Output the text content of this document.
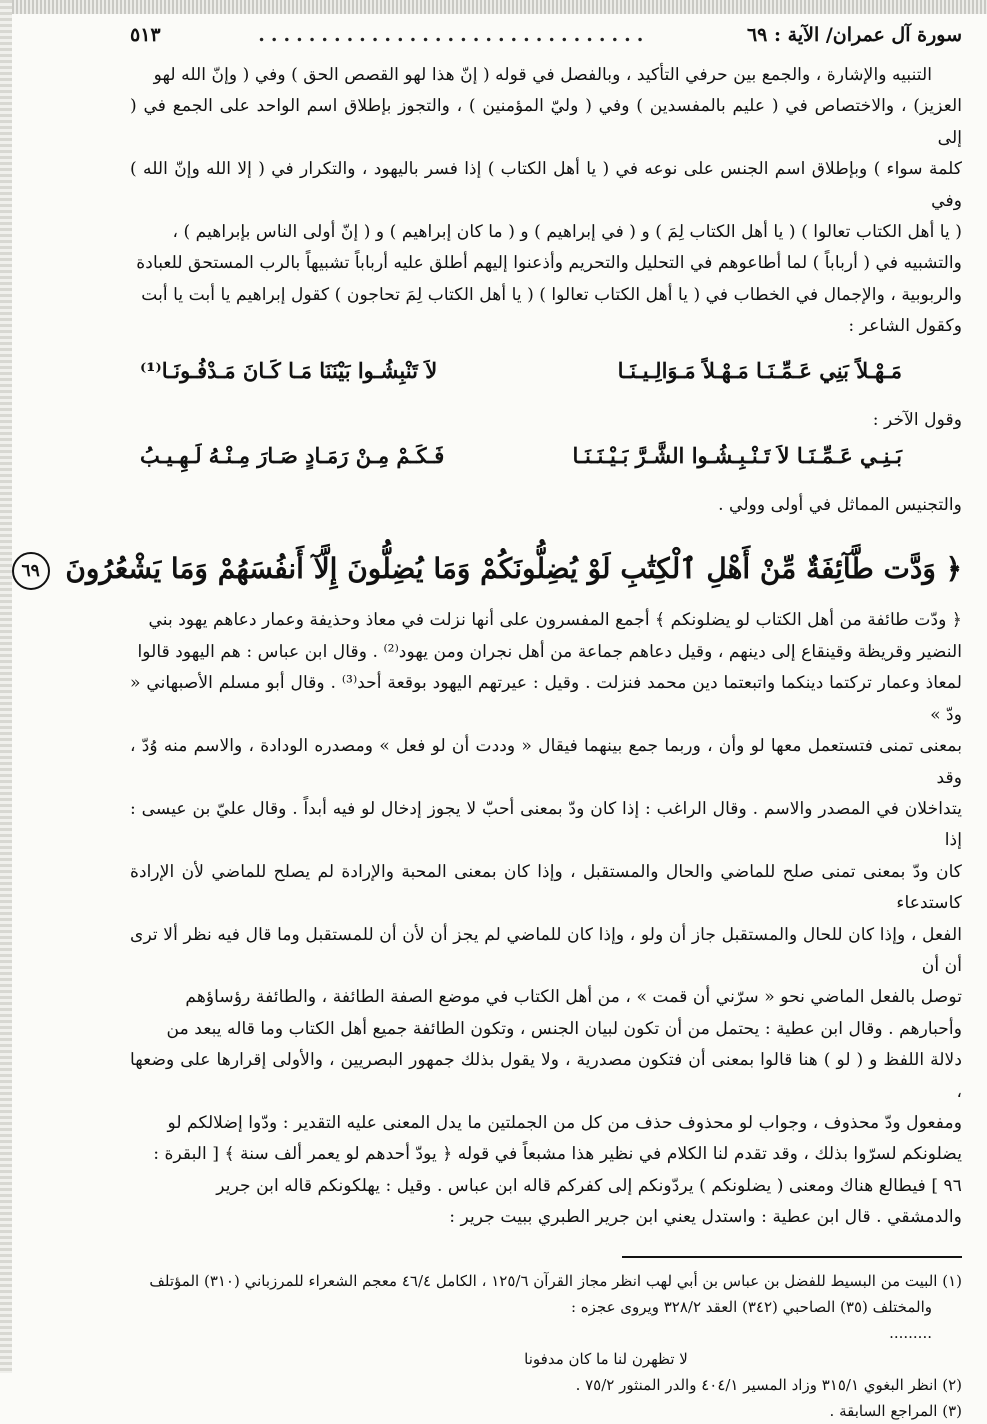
سورة آل عمران/ الآية : ٦٩
...............................
٥١٣

التنبيه والإشارة ، والجمع بين حرفي التأكيد ، وبالفصل في قوله ( إنّ هذا لهو القصص الحق ) وفي ( وإنّ الله لهو

العزيز) ، والاختصاص في ( عليم بالمفسدين ) وفي ( وليّ المؤمنين ) ، والتجوز بإطلاق اسم الواحد على الجمع في ( إلى

كلمة سواء ) وبإطلاق اسم الجنس على نوعه في ( يا أهل الكتاب ) إذا فسر باليهود ، والتكرار في ( إلا الله وإنّ الله ) وفي

( يا أهل الكتاب تعالوا ) ( يا أهل الكتاب لِمَ ) و ( في إبراهيم ) و ( ما كان إبراهيم ) و ( إنّ أولى الناس بإبراهيم ) ،

والتشبيه في ( أرباباً ) لما أطاعوهم في التحليل والتحريم وأذعنوا إليهم أطلق عليه أرباباً تشبيهاً بالرب المستحق للعبادة

والربوبية ، والإجمال في الخطاب في ( يا أهل الكتاب تعالوا ) ( يا أهل الكتاب لِمَ تحاجون ) كقول إبراهيم يا أبت يا أبت

وكقول الشاعر :

مَـهْـلاً بَنِي عَـمِّـنَـا مَـهْـلاً مَـوَالِـيـنَـا
لاَ تَنْبِشُـوا بَيْنَنَا مَـا كَـانَ مَـدْفُـونَـا⁽¹⁾

وقول الآخر :

بَـنِـي عَـمِّـنَـا لاَ تَـنْـبِـشُـوا الشَّـرَّ بَـيْـنَـنَـا
فَـكَـمْ مِـنْ رَمَـادٍ صَـارَ مِـنْـهُ لَـهِـيـبُ

والتجنيس المماثل في أولى وولي .

﴿ وَدَّت طَّآئِفَةٌ مِّنْ أَهْلِ ٱلْكِتَٰبِ لَوْ يُضِلُّونَكُمْ وَمَا يُضِلُّونَ إِلَّآ أَنفُسَهُمْ وَمَا يَشْعُرُونَ ٦٩

﴿ ودّت طائفة من أهل الكتاب لو يضلونكم ﴾ أجمع المفسرون على أنها نزلت في معاذ وحذيفة وعمار دعاهم يهود بني

النضير وقريظة وقينقاع إلى دينهم ، وقيل دعاهم جماعة من أهل نجران ومن يهود⁽²⁾ . وقال ابن عباس : هم اليهود قالوا

لمعاذ وعمار تركتما دينكما واتبعتما دين محمد فنزلت . وقيل : عيرتهم اليهود بوقعة أحد⁽³⁾ . وقال أبو مسلم الأصبهاني « ودّ »

بمعنى تمنى فتستعمل معها لو وأن ، وربما جمع بينهما فيقال « وددت أن لو فعل » ومصدره الودادة ، والاسم منه وُدّ ، وقد

يتداخلان في المصدر والاسم . وقال الراغب : إذا كان ودّ بمعنى أحبّ لا يجوز إدخال لو فيه أبداً . وقال عليّ بن عيسى : إذا

كان ودّ بمعنى تمنى صلح للماضي والحال والمستقبل ، وإذا كان بمعنى المحبة والإرادة لم يصلح للماضي لأن الإرادة كاستدعاء

الفعل ، وإذا كان للحال والمستقبل جاز أن ولو ، وإذا كان للماضي لم يجز أن لأن أن للمستقبل وما قال فيه نظر ألا ترى أن أن

توصل بالفعل الماضي نحو « سرّني أن قمت » ، من أهل الكتاب في موضع الصفة الطائفة ، والطائفة رؤساؤهم

وأحبارهم . وقال ابن عطية : يحتمل من أن تكون لبيان الجنس ، وتكون الطائفة جميع أهل الكتاب وما قاله يبعد من

دلالة اللفظ و ( لو ) هنا قالوا بمعنى أن فتكون مصدرية ، ولا يقول بذلك جمهور البصريين ، والأولى إقرارها على وضعها ،

ومفعول ودّ محذوف ، وجواب لو محذوف حذف من كل من الجملتين ما يدل المعنى عليه التقدير : ودّوا إضلالكم لو

يضلونكم لسرّوا بذلك ، وقد تقدم لنا الكلام في نظير هذا مشبعاً في قوله ﴿ يودّ أحدهم لو يعمر ألف سنة ﴾ [ البقرة :

٩٦ ] فيطالع هناك ومعنى ( يضلونكم ) يردّونكم إلى كفركم قاله ابن عباس . وقيل : يهلكونكم قاله ابن جرير

والدمشقي . قال ابن عطية : واستدل يعني ابن جرير الطبري ببيت جرير :

(١) البيت من البسيط للفضل بن عباس بن أبي لهب انظر مجاز القرآن ١٢٥/٦ ، الكامل ٤٦/٤ معجم الشعراء للمرزباني (٣١٠) المؤتلف

والمختلف (٣٥) الصاحبي (٣٤٢) العقد ٣٢٨/٢ ويروى عجزه :

.........

لا تظهرن لنا ما كان مدفونا

(٢) انظر البغوي ٣١٥/١ وزاد المسير ٤٠٤/١ والدر المنثور ٧٥/٢ .

(٣) المراجع السابقة .
